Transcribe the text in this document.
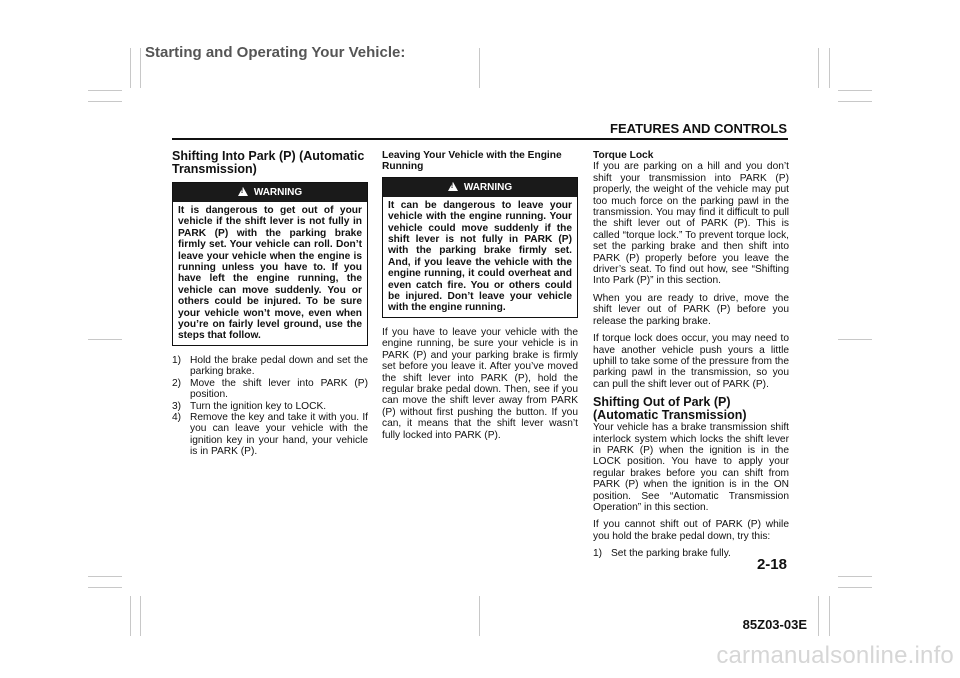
Starting and Operating Your Vehicle:
FEATURES AND CONTROLS
Shifting Into Park (P) (Automatic Transmission)
!WARNING
It is dangerous to get out of your vehicle if the shift lever is not fully in PARK (P) with the parking brake firmly set. Your vehicle can roll. Don’t leave your vehicle when the engine is running unless you have to. If you have left the engine running, the vehicle can move suddenly. You or others could be injured. To be sure your vehicle won’t move, even when you’re on fairly level ground, use the steps that follow.
1) Hold the brake pedal down and set the parking brake.
2) Move the shift lever into PARK (P) position.
3) Turn the ignition key to LOCK.
4) Remove the key and take it with you. If you can leave your vehicle with the ignition key in your hand, your vehicle is in PARK (P).
Leaving Your Vehicle with the Engine Running
!WARNING
It can be dangerous to leave your vehicle with the engine running. Your vehicle could move suddenly if the shift lever is not fully in PARK (P) with the parking brake firmly set. And, if you leave the vehicle with the engine running, it could overheat and even catch fire. You or others could be injured. Don’t leave your vehicle with the engine running.

If you have to leave your vehicle with the engine running, be sure your vehicle is in PARK (P) and your parking brake is firmly set before you leave it. After you’ve moved the shift lever into PARK (P), hold the regular brake pedal down. Then, see if you can move the shift lever away from PARK (P) without first pushing the button. If you can, it means that the shift lever wasn’t fully locked into PARK (P).

Torque Lock

If you are parking on a hill and you don’t shift your transmission into PARK (P) properly, the weight of the vehicle may put too much force on the parking pawl in the transmission. You may find it difficult to pull the shift lever out of PARK (P). This is called “torque lock.” To prevent torque lock, set the parking brake and then shift into PARK (P) properly before you leave the driver’s seat. To find out how, see “Shifting Into Park (P)” in this section.

When you are ready to drive, move the shift lever out of PARK (P) before you release the parking brake.

If torque lock does occur, you may need to have another vehicle push yours a little uphill to take some of the pressure from the parking pawl in the transmission, so you can pull the shift lever out of PARK (P).

Shifting Out of Park (P) (Automatic Transmission)

Your vehicle has a brake transmission shift interlock system which locks the shift lever in PARK (P) when the ignition is in the LOCK position. You have to apply your regular brakes before you can shift from PARK (P) when the ignition is in the ON position. See “Automatic Transmission Operation” in this section.

If you cannot shift out of PARK (P) while you hold the brake pedal down, try this:

1) Set the parking brake fully.
2-18
85Z03-03E
carmanualsonline.info
